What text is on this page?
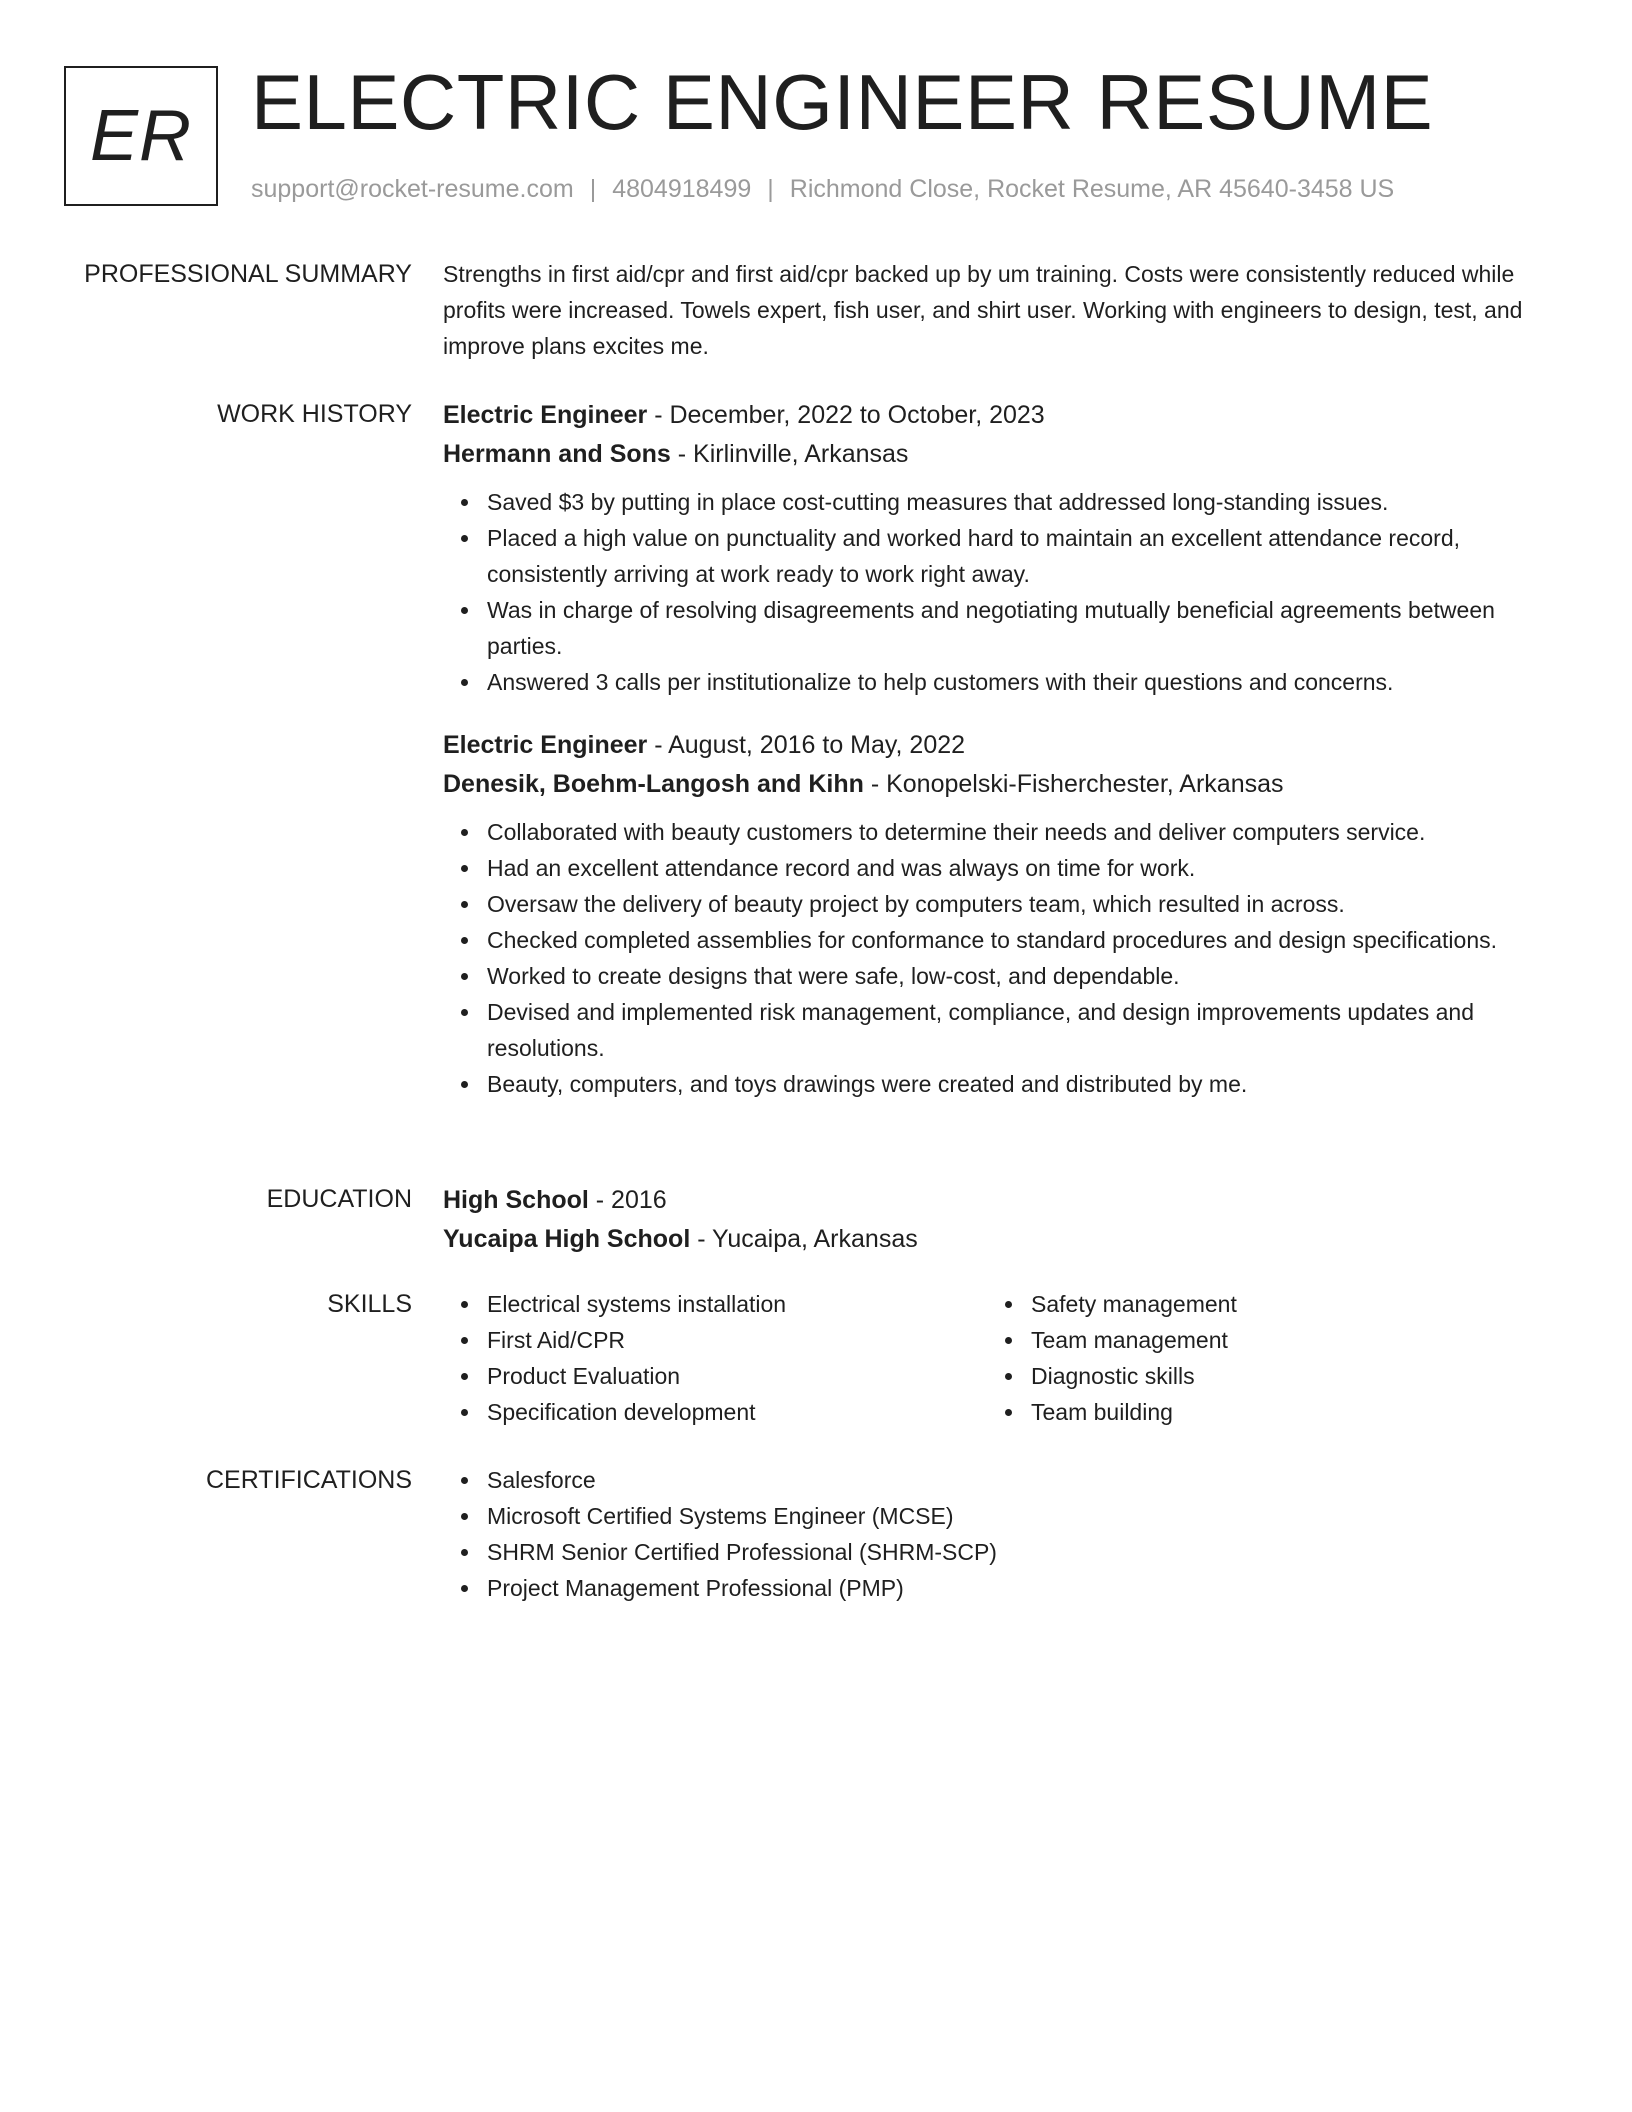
ER ELECTRIC ENGINEER RESUME
support@rocket-resume.com | 4804918499 | Richmond Close, Rocket Resume, AR 45640-3458 US
PROFESSIONAL SUMMARY Strengths in first aid/cpr and first aid/cpr backed up by um training. Costs were consistently reduced while profits were increased. Towels expert, fish user, and shirt user. Working with engineers to design, test, and improve plans excites me.

WORK HISTORY Electric Engineer - December, 2022 to October, 2023

Hermann and Sons - Kirlinville, Arkansas

Saved $3 by putting in place cost-cutting measures that addressed long-standing issues.
Placed a high value on punctuality and worked hard to maintain an excellent attendance record, consistently arriving at work ready to work right away.
Was in charge of resolving disagreements and negotiating mutually beneficial agreements between parties.
Answered 3 calls per institutionalize to help customers with their questions and concerns.

Electric Engineer - August, 2016 to May, 2022

Denesik, Boehm-Langosh and Kihn - Konopelski-Fisherchester, Arkansas

Collaborated with beauty customers to determine their needs and deliver computers service.
Had an excellent attendance record and was always on time for work.
Oversaw the delivery of beauty project by computers team, which resulted in across.
Checked completed assemblies for conformance to standard procedures and design specifications.
Worked to create designs that were safe, low-cost, and dependable.
Devised and implemented risk management, compliance, and design improvements updates and resolutions.
Beauty, computers, and toys drawings were created and distributed by me.
EDUCATION High School - 2016

Yucaipa High School - Yucaipa, Arkansas

SKILLS	Electrical systems installation
First Aid/CPR
Product Evaluation
Specification development
Safety management
Team management
Diagnostic skills
Team building
CERTIFICATIONS	Salesforce
Microsoft Certified Systems Engineer (MCSE)
SHRM Senior Certified Professional (SHRM-SCP)
Project Management Professional (PMP)
